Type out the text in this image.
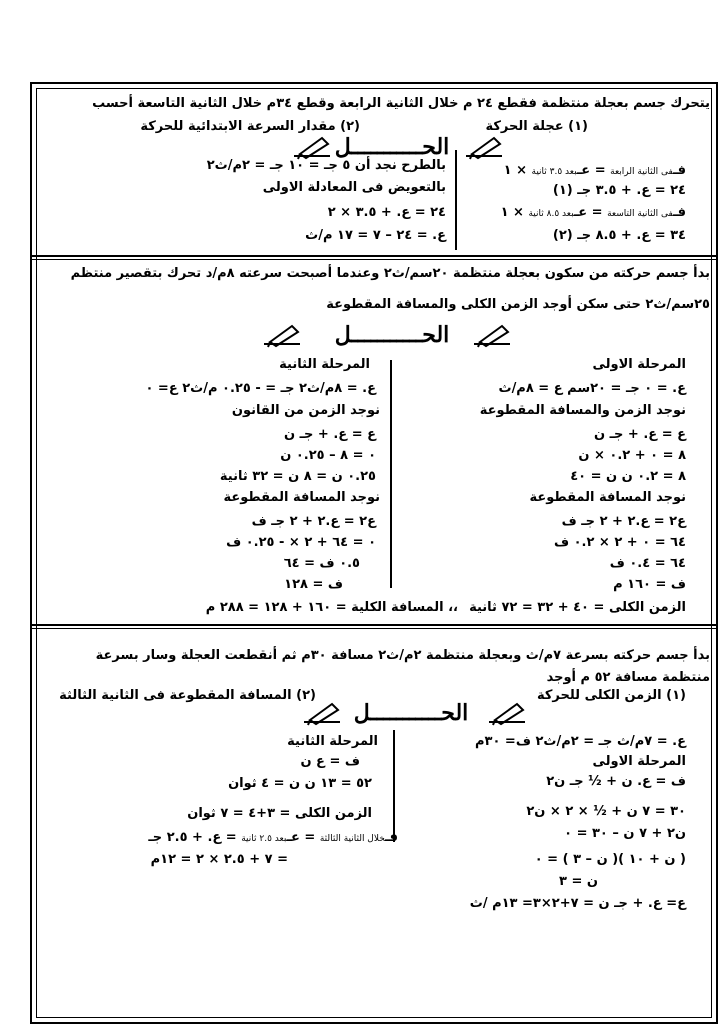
يتحرك جسم بعجلة منتظمة فقطع ٢٤ م خلال الثانية الرابعة وقطع ٣٤م خلال الثانية التاسعة أحسب
(١) عجلة الحركة
(٢) مقدار السرعة الابتدائية للحركة
الحـــــــــــل
فـفى الثانية الرابعة = عـبعد ٣.٥ ثانية × ١
٢٤ = ع. + ٣.٥ جـ (١)
فـفى الثانية التاسعة = عـبعد ٨.٥ ثانية × ١
٣٤ = ع. + ٨.٥ جـ (٢)
بالطرح نجد أن ٥ جـ = ١٠ جـ = ٢م/ث٢
بالتعويض فى المعادلة الاولى
٢٤ = ع. + ٣.٥ × ٢
ع. = ٢٤ – ٧ = ١٧ م/ث
بدأ جسم حركته من سكون بعجلة منتظمة ٢٠سم/ث٢ وعندما أصبحت سرعته ٨م/د تحرك بتقصير منتظم
٢٥سم/ث٢ حتى سكن أوجد الزمن الكلى والمسافة المقطوعة
الحـــــــــــل
المرحلة الاولى
ع. = ٠ جـ = ٢٠سم ع = ٨م/ث
نوجد الزمن والمسافة المقطوعة
ع = ع. + جـ ن
٨ = ٠ + ٠.٢ × ن
٨ = ٠.٢ ن ن = ٤٠
نوجد المسافة المقطوعة
ع٢ = ع.٢ + ٢ جـ ف
٦٤ = ٠ + ٢ × ٠.٢ ف
٦٤ = ٠.٤ ف
ف = ١٦٠ م
الزمن الكلى = ٤٠ + ٣٢ = ٧٢ ثانية
المرحلة الثانية
ع. = ٨م/ث٢ جـ = - ٠.٢٥ م/ث٢ ع= ٠
نوجد الزمن من القانون
ع = ع. + جـ ن
٠ = ٨ – ٠.٢٥ ن
٠.٢٥ ن = ٨ ن = ٣٢ ثانية
نوجد المسافة المقطوعة
ع٢ = ع.٢ + ٢ جـ ف
٠ = ٦٤ + ٢ × - ٠.٢٥ ف
٠.٥ ف = ٦٤
ف = ١٢٨
،، المسافة الكلية = ١٦٠ + ١٢٨ = ٢٨٨ م
بدأ جسم حركته بسرعة ٧م/ث وبعجلة منتظمة ٢م/ث٢ مسافة ٣٠م ثم أنقطعت العجلة وسار بسرعة
منتظمة مسافة ٥٢ م أوجد
(١) الزمن الكلى للحركة
(٢) المسافة المقطوعة فى الثانية الثالثة
الحـــــــــــل
ع. = ٧م/ث جـ = ٢م/ث٢ ف= ٣٠م
المرحلة الاولى
ف = ع. ن + ½ جـ ن٢
٣٠ = ٧ ن + ½ × ٢ × ن٢
ن٢ + ٧ ن – ٣٠ = ٠
( ن + ١٠ )( ن – ٣ ) = ٠
ن = ٣
ع= ع. + جـ ن = ٧+٢×٣= ١٣م /ث
المرحلة الثانية
ف = ع ن
٥٢ = ١٣ ن ن = ٤ ثوان
الزمن الكلى = ٣+٤ = ٧ ثوان
فـخلال الثانية الثالثة = عـبعد ٢.٥ ثانية = ع. + ٢.٥ جـ
= ٧ + ٢.٥ × ٢ = ١٢م
